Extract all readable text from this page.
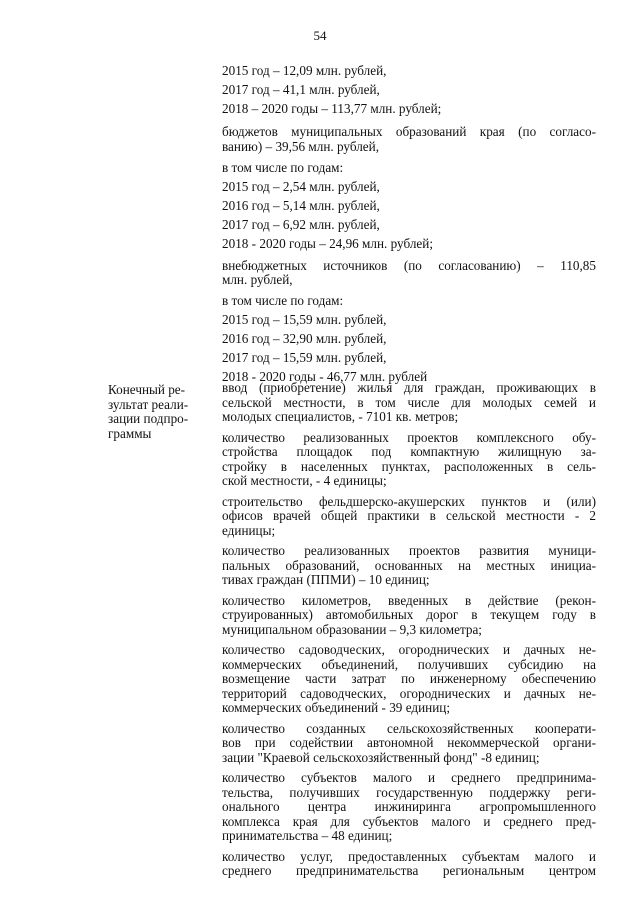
54
2015 год – 12,09 млн. рублей,
2017 год – 41,1 млн. рублей,
2018 – 2020 годы – 113,77 млн. рублей;
бюджетов муниципальных образований края (по согласо-
ванию) – 39,56 млн. рублей,
в том числе по годам:
2015 год – 2,54 млн. рублей,
2016 год – 5,14 млн. рублей,
2017 год – 6,92 млн. рублей,
2018 - 2020 годы – 24,96 млн. рублей;
внебюджетных источников (по согласованию) – 110,85
млн. рублей,
в том числе по годам:
2015 год – 15,59 млн. рублей,
2016 год – 32,90 млн. рублей,
2017 год – 15,59 млн. рублей,
2018 - 2020 годы - 46,77 млн. рублей
Конечный ре-
зультат реали-
зации подпро-
граммы
ввод (приобретение) жилья для граждан, проживающих в
сельской местности, в том числе для молодых семей и
молодых специалистов, - 7101 кв. метров;
количество реализованных проектов комплексного обу-
стройства площадок под компактную жилищную за-
стройку в населенных пунктах, расположенных в сель-
ской местности, - 4 единицы;
строительство фельдшерско-акушерских пунктов и (или)
офисов врачей общей практики в сельской местности - 2
единицы;
количество реализованных проектов развития муници-
пальных образований, основанных на местных инициа-
тивах граждан (ППМИ) – 10 единиц;
количество километров, введенных в действие (рекон-
струированных) автомобильных дорог в текущем году в
муниципальном образовании – 9,3 километра;
количество садоводческих, огороднических и дачных не-
коммерческих объединений, получивших субсидию на
возмещение части затрат по инженерному обеспечению
территорий садоводческих, огороднических и дачных не-
коммерческих объединений - 39 единиц;
количество созданных сельскохозяйственных кооперати-
вов при содействии автономной некоммерческой органи-
зации "Краевой сельскохозяйственный фонд" -8 единиц;
количество субъектов малого и среднего предпринима-
тельства, получивших государственную поддержку реги-
онального центра инжиниринга агропромышленного
комплекса края для субъектов малого и среднего пред-
принимательства – 48 единиц;
количество услуг, предоставленных субъектам малого и
среднего предпринимательства региональным центром
